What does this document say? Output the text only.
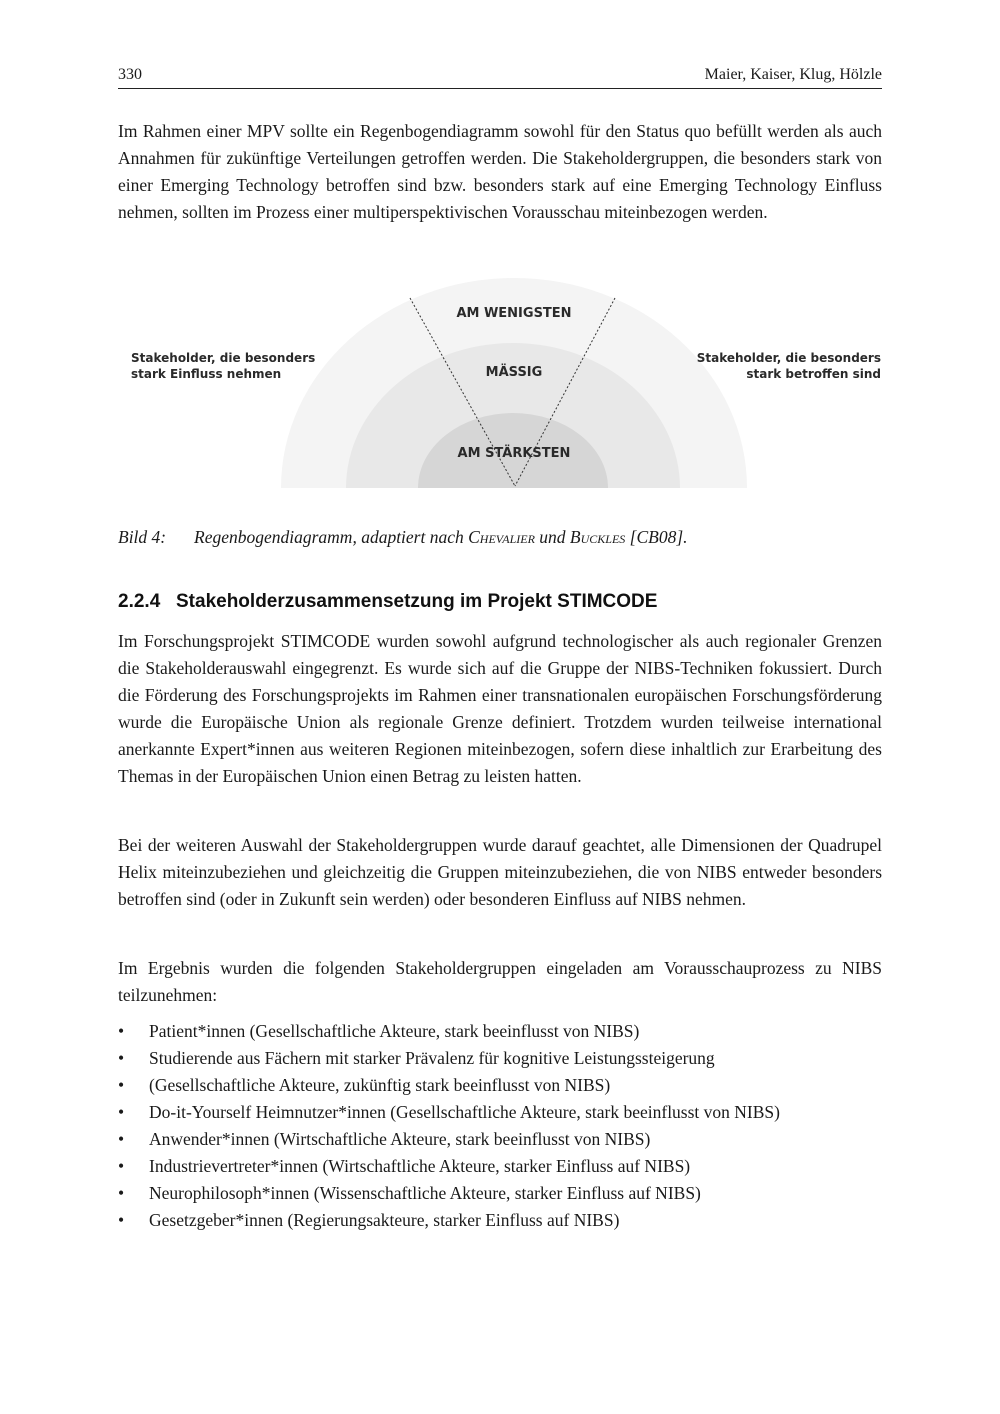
330	Maier, Kaiser, Klug, Hölzle

Im Rahmen einer MPV sollte ein Regenbogendiagramm sowohl für den Status quo befüllt werden als auch Annahmen für zukünftige Verteilungen getroffen werden. Die Stakeholdergruppen, die besonders stark von einer Emerging Technology betroffen sind bzw. besonders stark auf eine Emerging Technology Einfluss nehmen, sollten im Prozess einer multiperspektivischen Vorausschau miteinbezogen werden.

AM WENIGSTEN
MÄSSIG
AM STÄRKSTEN
Stakeholder, die besonders
stark Einfluss nehmen
Stakeholder, die besonders
stark betroffen sind
Bild 4: Regenbogendiagramm, adaptiert nach Chevalier und Buckles [CB08].
2.2.4 Stakeholderzusammensetzung im Projekt STIMCODE

Im Forschungsprojekt STIMCODE wurden sowohl aufgrund technologischer als auch regionaler Grenzen die Stakeholderauswahl eingegrenzt. Es wurde sich auf die Gruppe der NIBS-Techniken fokussiert. Durch die Förderung des Forschungsprojekts im Rahmen einer transnationalen europäischen Forschungsförderung wurde die Europäische Union als regionale Grenze definiert. Trotzdem wurden teilweise international anerkannte Expert*innen aus weiteren Regionen miteinbezogen, sofern diese inhaltlich zur Erarbeitung des Themas in der Europäischen Union einen Betrag zu leisten hatten.

Bei der weiteren Auswahl der Stakeholdergruppen wurde darauf geachtet, alle Dimensionen der Quadrupel Helix miteinzubeziehen und gleichzeitig die Gruppen miteinzubeziehen, die von NIBS entweder besonders betroffen sind (oder in Zukunft sein werden) oder besonderen Einfluss auf NIBS nehmen.

Im Ergebnis wurden die folgenden Stakeholdergruppen eingeladen am Vorausschauprozess zu NIBS teilzunehmen:

• Patient*innen (Gesellschaftliche Akteure, stark beeinflusst von NIBS)
• Studierende aus Fächern mit starker Prävalenz für kognitive Leistungssteigerung
• (Gesellschaftliche Akteure, zukünftig stark beeinflusst von NIBS)
• Do-it-Yourself Heimnutzer*innen (Gesellschaftliche Akteure, stark beeinflusst von NIBS)
• Anwender*innen (Wirtschaftliche Akteure, stark beeinflusst von NIBS)
• Industrievertreter*innen (Wirtschaftliche Akteure, starker Einfluss auf NIBS)
• Neurophilosoph*innen (Wissenschaftliche Akteure, starker Einfluss auf NIBS)
• Gesetzgeber*innen (Regierungsakteure, starker Einfluss auf NIBS)
